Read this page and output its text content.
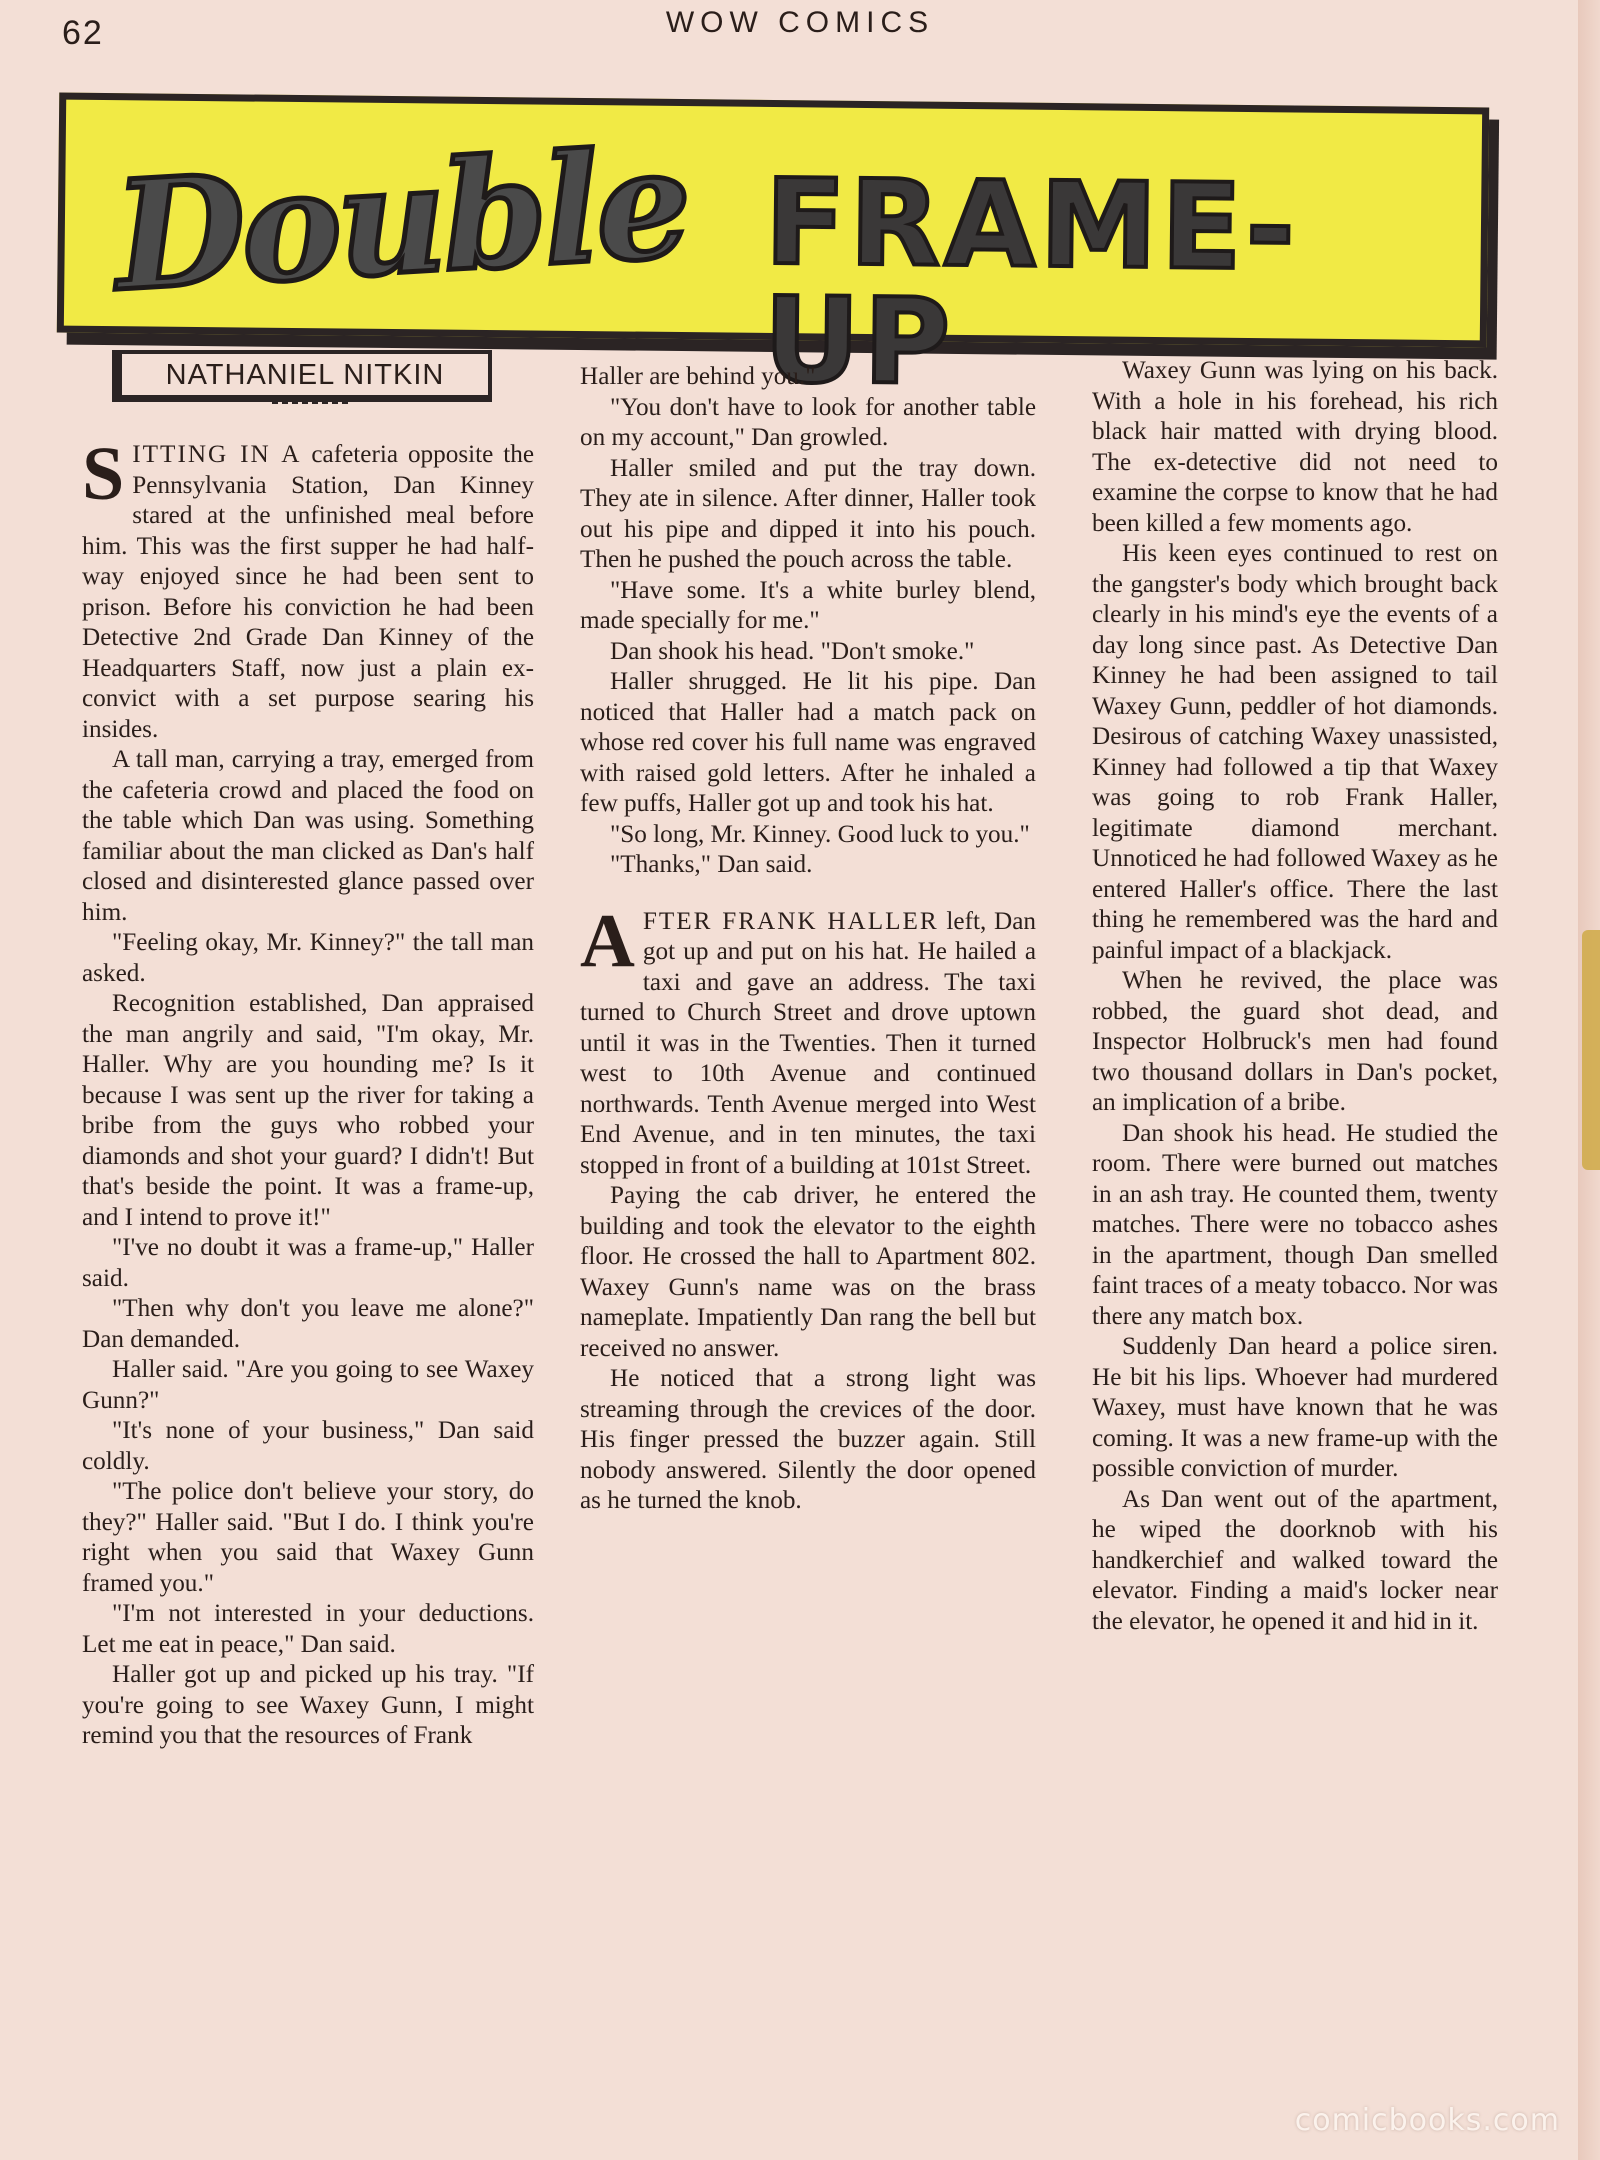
62	WOW COMICS
Double FRAME-UP
NATHANIEL NITKIN

SITTING IN A cafeteria opposite the Pennsylvania Station, Dan Kinney stared at the unfinished meal before him. This was the first supper he had half-way enjoyed since he had been sent to prison. Before his conviction he had been Detective 2nd Grade Dan Kinney of the Headquarters Staff, now just a plain ex-convict with a set purpose searing his insides.

A tall man, carrying a tray, emerged from the cafeteria crowd and placed the food on the table which Dan was using. Something familiar about the man clicked as Dan's half closed and disinterested glance passed over him.

"Feeling okay, Mr. Kinney?" the tall man asked.

Recognition established, Dan appraised the man angrily and said, "I'm okay, Mr. Haller. Why are you hounding me? Is it because I was sent up the river for taking a bribe from the guys who robbed your diamonds and shot your guard? I didn't! But that's beside the point. It was a frame-up, and I intend to prove it!"

"I've no doubt it was a frame-up," Haller said.

"Then why don't you leave me alone?" Dan demanded.

Haller said. "Are you going to see Waxey Gunn?"

"It's none of your business," Dan said coldly.

"The police don't believe your story, do they?" Haller said. "But I do. I think you're right when you said that Waxey Gunn framed you."

"I'm not interested in your deductions. Let me eat in peace," Dan said.

Haller got up and picked up his tray. "If you're going to see Waxey Gunn, I might remind you that the resources of Frank

Haller are behind you."

"You don't have to look for another table on my account," Dan growled.

Haller smiled and put the tray down. They ate in silence. After dinner, Haller took out his pipe and dipped it into his pouch. Then he pushed the pouch across the table.

"Have some. It's a white burley blend, made specially for me."

Dan shook his head. "Don't smoke."

Haller shrugged. He lit his pipe. Dan noticed that Haller had a match pack on whose red cover his full name was engraved with raised gold letters. After he inhaled a few puffs, Haller got up and took his hat.

"So long, Mr. Kinney. Good luck to you."

"Thanks," Dan said.

AFTER FRANK HALLER left, Dan got up and put on his hat. He hailed a taxi and gave an address. The taxi turned to Church Street and drove uptown until it was in the Twenties. Then it turned west to 10th Avenue and continued northwards. Tenth Avenue merged into West End Avenue, and in ten minutes, the taxi stopped in front of a building at 101st Street.

Paying the cab driver, he entered the building and took the elevator to the eighth floor. He crossed the hall to Apartment 802. Waxey Gunn's name was on the brass nameplate. Impatiently Dan rang the bell but received no answer.

He noticed that a strong light was streaming through the crevices of the door. His finger pressed the buzzer again. Still nobody answered. Silently the door opened as he turned the knob.

Waxey Gunn was lying on his back. With a hole in his forehead, his rich black hair matted with drying blood. The ex-detective did not need to examine the corpse to know that he had been killed a few moments ago.

His keen eyes continued to rest on the gangster's body which brought back clearly in his mind's eye the events of a day long since past. As Detective Dan Kinney he had been assigned to tail Waxey Gunn, peddler of hot diamonds. Desirous of catching Waxey unassisted, Kinney had followed a tip that Waxey was going to rob Frank Haller, legitimate diamond merchant. Unnoticed he had followed Waxey as he entered Haller's office. There the last thing he remembered was the hard and painful impact of a blackjack.

When he revived, the place was robbed, the guard shot dead, and Inspector Holbruck's men had found two thousand dollars in Dan's pocket, an implication of a bribe.

Dan shook his head. He studied the room. There were burned out matches in an ash tray. He counted them, twenty matches. There were no tobacco ashes in the apartment, though Dan smelled faint traces of a meaty tobacco. Nor was there any match box.

Suddenly Dan heard a police siren. He bit his lips. Whoever had murdered Waxey, must have known that he was coming. It was a new frame-up with the possible conviction of murder.

As Dan went out of the apartment, he wiped the doorknob with his handkerchief and walked toward the elevator. Finding a maid's locker near the elevator, he opened it and hid in it.

comicbooks.com
